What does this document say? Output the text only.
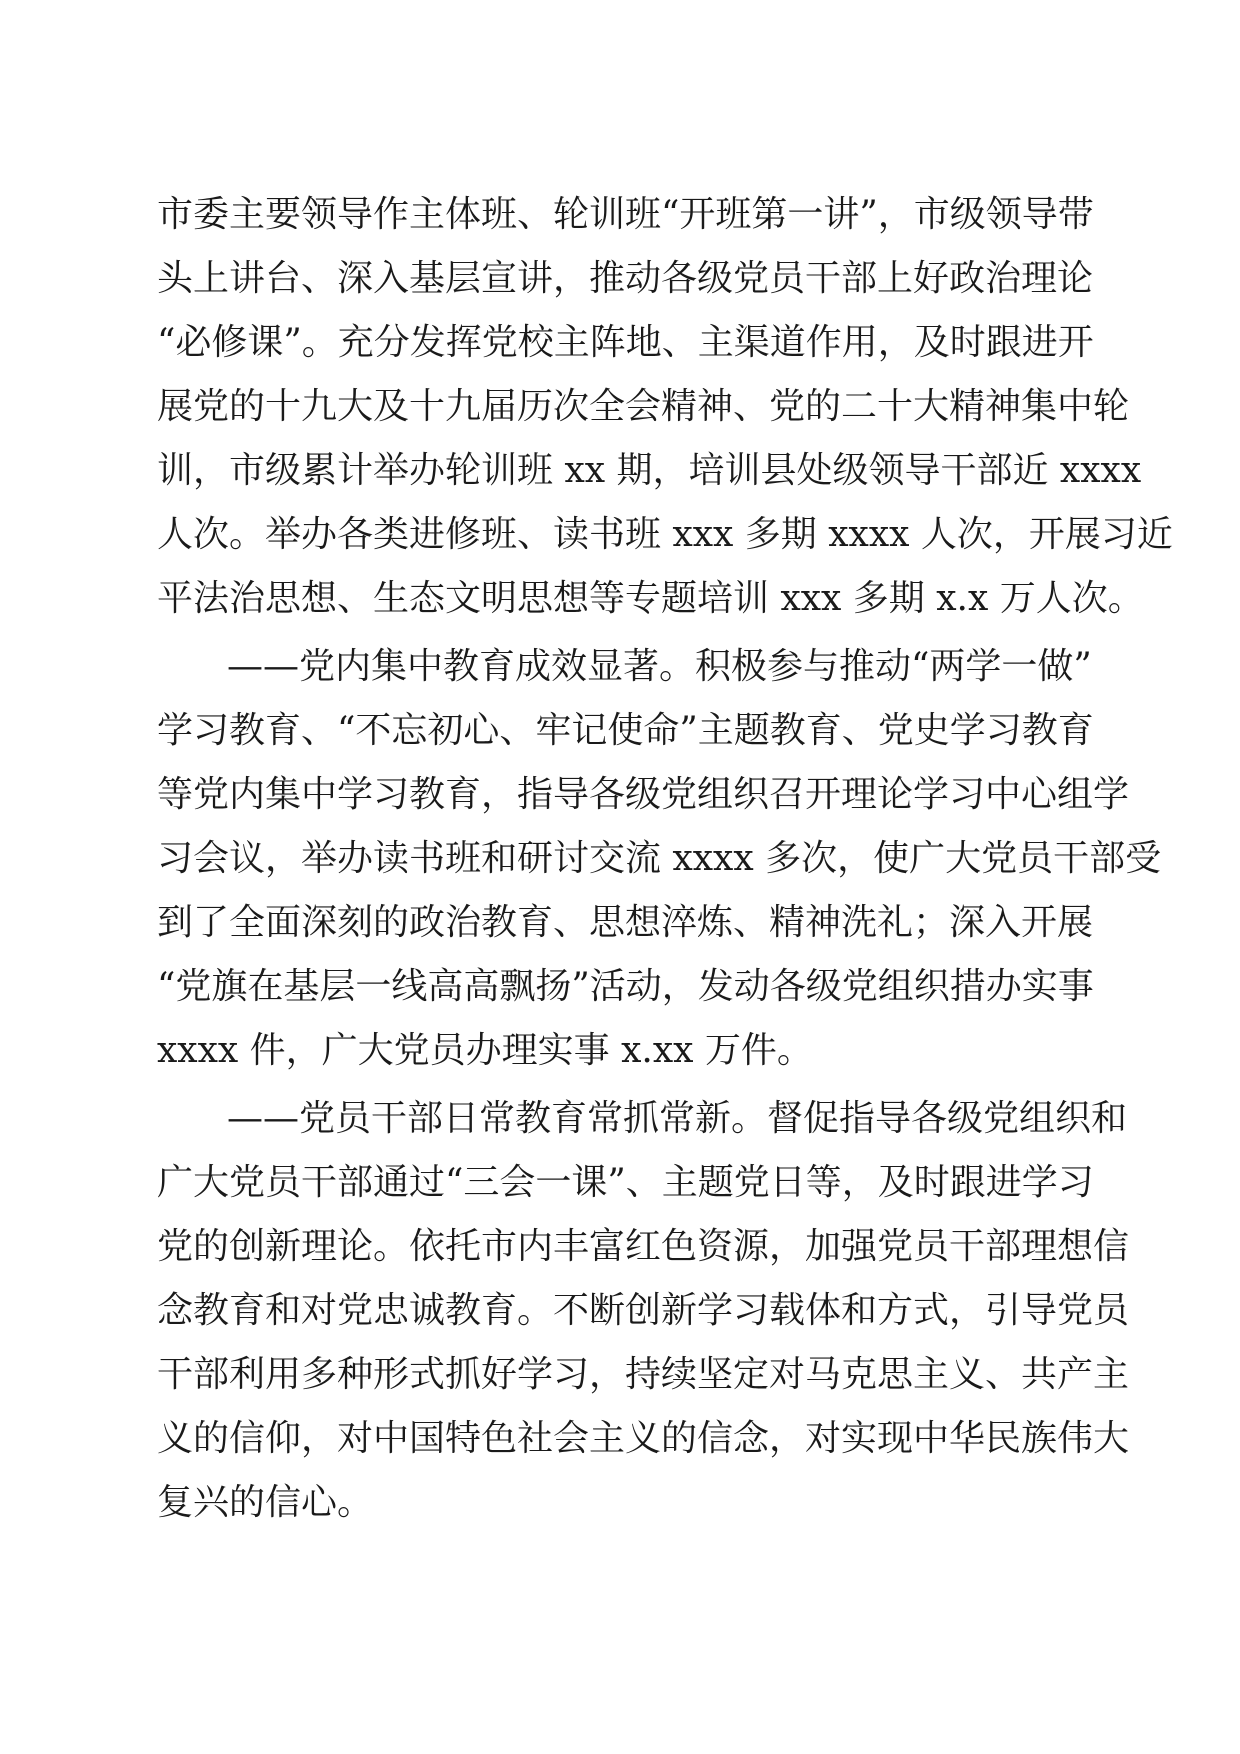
市委主要领导作主体班、轮训班“开班第一讲”，市级领导带
头上讲台、深入基层宣讲，推动各级党员干部上好政治理论
“必修课”。充分发挥党校主阵地、主渠道作用，及时跟进开
展党的十九大及十九届历次全会精神、党的二十大精神集中轮
训，市级累计举办轮训班 xx 期，培训县处级领导干部近 xxxx
人次。举办各类进修班、读书班 xxx 多期 xxxx 人次，开展习近
平法治思想、生态文明思想等专题培训 xxx 多期 x.x 万人次。
——党内集中教育成效显著。积极参与推动“两学一做”
学习教育、“不忘初心、牢记使命”主题教育、党史学习教育
等党内集中学习教育，指导各级党组织召开理论学习中心组学
习会议，举办读书班和研讨交流 xxxx 多次，使广大党员干部受
到了全面深刻的政治教育、思想淬炼、精神洗礼；深入开展
“党旗在基层一线高高飘扬”活动，发动各级党组织措办实事
xxxx 件，广大党员办理实事 x.xx 万件。
——党员干部日常教育常抓常新。督促指导各级党组织和
广大党员干部通过“三会一课”、主题党日等，及时跟进学习
党的创新理论。依托市内丰富红色资源，加强党员干部理想信
念教育和对党忠诚教育。不断创新学习载体和方式，引导党员
干部利用多种形式抓好学习，持续坚定对马克思主义、共产主
义的信仰，对中国特色社会主义的信念，对实现中华民族伟大
复兴的信心。
